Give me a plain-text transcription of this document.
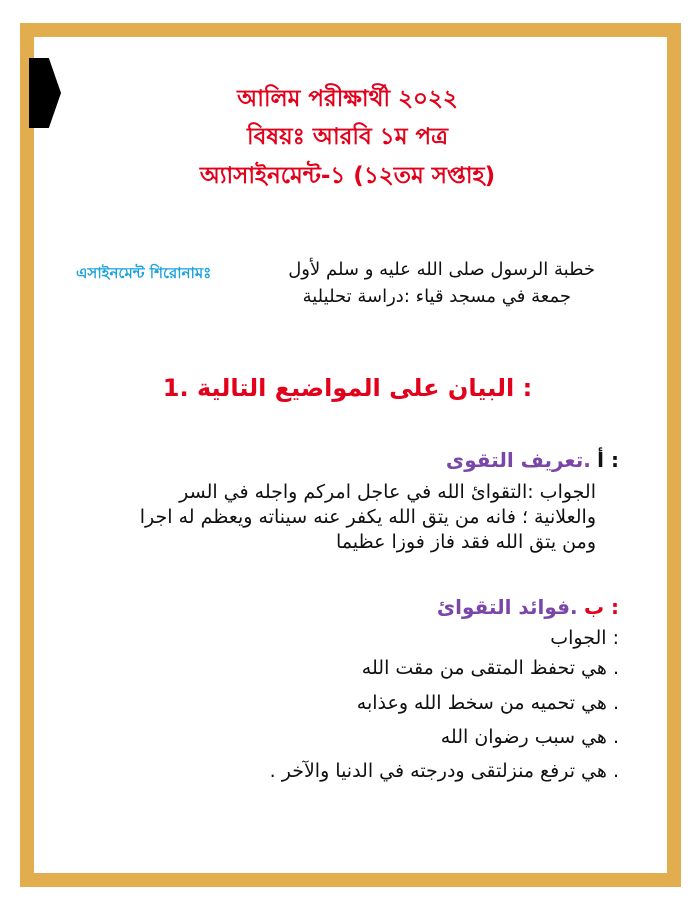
আলিম পরীক্ষার্থী ২০২২
বিষয়ঃ আরবি ১ম পত্র
অ্যাসাইনমেন্ট-১ (১২তম সপ্তাহ)
এসাইনমেন্ট শিরোনামঃ	خطبة الرسول صلى الله عليه و سلم لأول
جمعة في مسجد قياء :دراسة تحليلية
: البيان على المواضيع التالية .1
: أ .تعريف التقوى
الجواب :التقوائ الله في عاجل امركم واجله في السر
والعلانية ؛ فانه من يتق الله يكفر عنه سيناته ويعظم له اجرا
ومن يتق الله فقد فاز فوزا عظيما
: ب .فوائد التقوائ
: الجواب
. هي تحفظ المتقى من مقت الله
. هي تحميه من سخط الله وعذابه
. هي سبب رضوان الله
. هي ترفع منزلتقى ودرجته في الدنيا والآخر .
